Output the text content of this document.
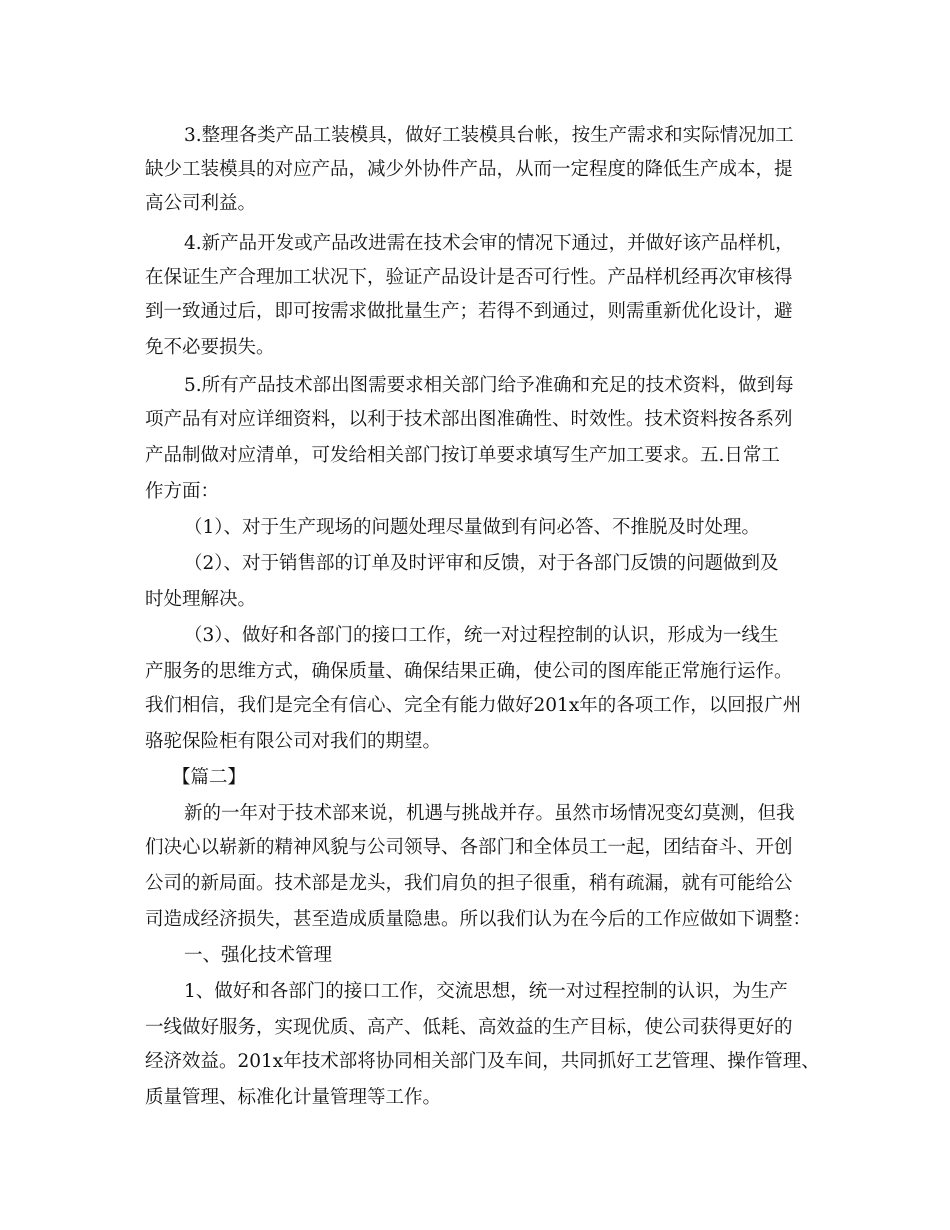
3.整理各类产品工装模具，做好工装模具台帐，按生产需求和实际情况加工
缺少工装模具的对应产品，减少外协件产品，从而一定程度的降低生产成本，提
高公司利益。
4.新产品开发或产品改进需在技术会审的情况下通过，并做好该产品样机，
在保证生产合理加工状况下，验证产品设计是否可行性。产品样机经再次审核得
到一致通过后，即可按需求做批量生产；若得不到通过，则需重新优化设计，避
免不必要损失。
5.所有产品技术部出图需要求相关部门给予准确和充足的技术资料，做到每
项产品有对应详细资料，以利于技术部出图准确性、时效性。技术资料按各系列
产品制做对应清单，可发给相关部门按订单要求填写生产加工要求。五.日常工
作方面：
（1）、对于生产现场的问题处理尽量做到有问必答、不推脱及时处理。
（2）、对于销售部的订单及时评审和反馈，对于各部门反馈的问题做到及
时处理解决。
（3）、做好和各部门的接口工作，统一对过程控制的认识，形成为一线生
产服务的思维方式，确保质量、确保结果正确，使公司的图库能正常施行运作。
我们相信，我们是完全有信心、完全有能力做好201x年的各项工作，以回报广州
骆驼保险柜有限公司对我们的期望。
【篇二】
新的一年对于技术部来说，机遇与挑战并存。虽然市场情况变幻莫测，但我
们决心以崭新的精神风貌与公司领导、各部门和全体员工一起，团结奋斗、开创
公司的新局面。技术部是龙头，我们肩负的担子很重，稍有疏漏，就有可能给公
司造成经济损失，甚至造成质量隐患。所以我们认为在今后的工作应做如下调整：
一、强化技术管理
1、做好和各部门的接口工作，交流思想，统一对过程控制的认识，为生产
一线做好服务，实现优质、高产、低耗、高效益的生产目标，使公司获得更好的
经济效益。201x年技术部将协同相关部门及车间，共同抓好工艺管理、操作管理、
质量管理、标准化计量管理等工作。
